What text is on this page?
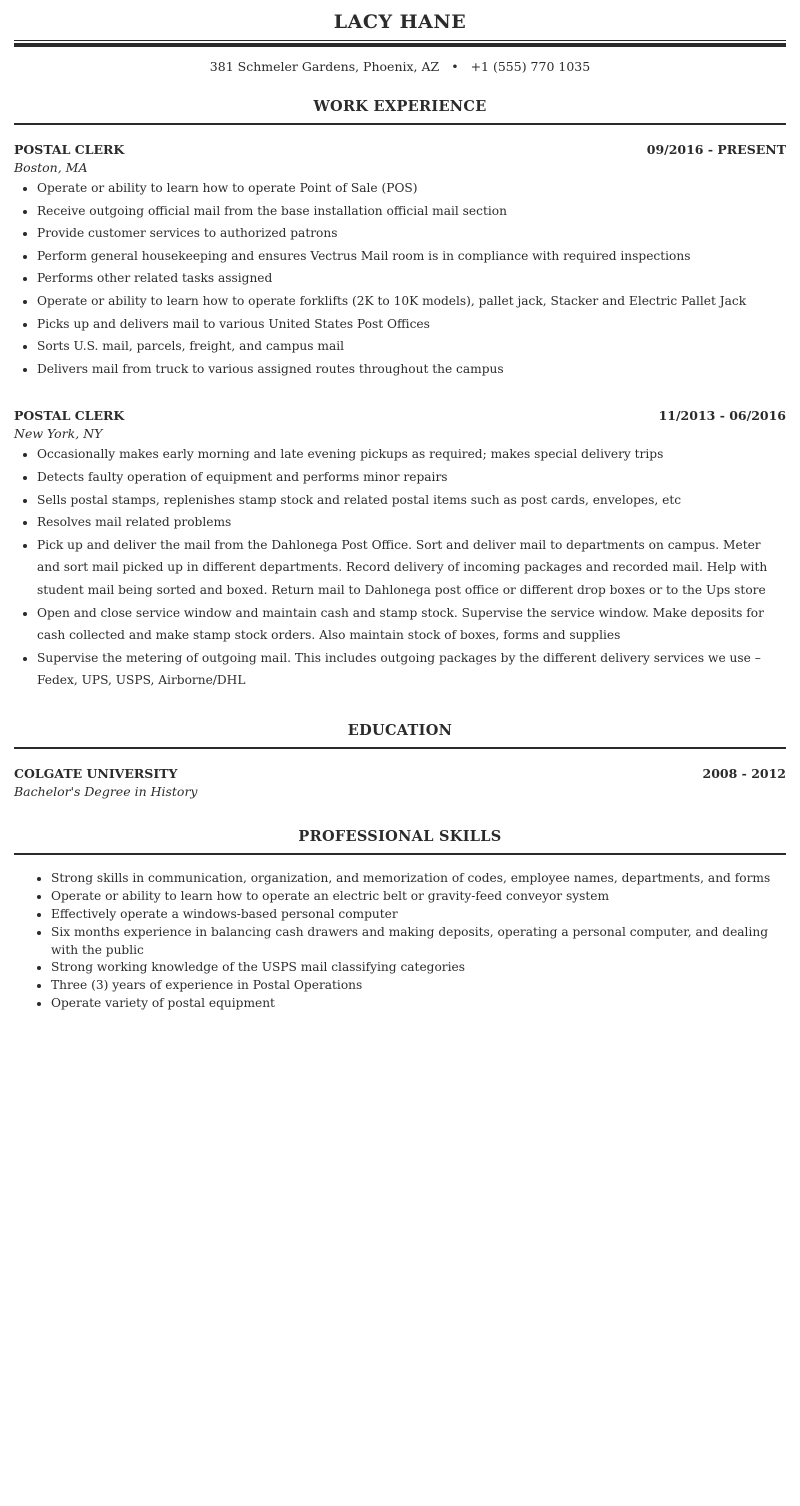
LACY HANE
381 Schmeler Gardens, Phoenix, AZ • +1 (555) 770 1035
WORK EXPERIENCE
POSTAL CLERK	09/2016 - PRESENT
Boston, MA
• Operate or ability to learn how to operate Point of Sale (POS)
• Receive outgoing official mail from the base installation official mail section
• Provide customer services to authorized patrons
• Perform general housekeeping and ensures Vectrus Mail room is in compliance with required inspections
• Performs other related tasks assigned
• Operate or ability to learn how to operate forklifts (2K to 10K models), pallet jack, Stacker and Electric Pallet Jack
• Picks up and delivers mail to various United States Post Offices
• Sorts U.S. mail, parcels, freight, and campus mail
• Delivers mail from truck to various assigned routes throughout the campus
POSTAL CLERK	11/2013 - 06/2016
New York, NY
• Occasionally makes early morning and late evening pickups as required; makes special delivery trips
• Detects faulty operation of equipment and performs minor repairs
• Sells postal stamps, replenishes stamp stock and related postal items such as post cards, envelopes, etc
• Resolves mail related problems
• Pick up and deliver the mail from the Dahlonega Post Office. Sort and deliver mail to departments on campus. Meter and sort mail picked up in different departments. Record delivery of incoming packages and recorded mail. Help with student mail being sorted and boxed. Return mail to Dahlonega post office or different drop boxes or to the Ups store
• Open and close service window and maintain cash and stamp stock. Supervise the service window. Make deposits for cash collected and make stamp stock orders. Also maintain stock of boxes, forms and supplies
• Supervise the metering of outgoing mail. This includes outgoing packages by the different delivery services we use – Fedex, UPS, USPS, Airborne/DHL
EDUCATION
COLGATE UNIVERSITY	2008 - 2012
Bachelor's Degree in History
PROFESSIONAL SKILLS
• Strong skills in communication, organization, and memorization of codes, employee names, departments, and forms
• Operate or ability to learn how to operate an electric belt or gravity-feed conveyor system
• Effectively operate a windows-based personal computer
• Six months experience in balancing cash drawers and making deposits, operating a personal computer, and dealing with the public
• Strong working knowledge of the USPS mail classifying categories
• Three (3) years of experience in Postal Operations
• Operate variety of postal equipment
